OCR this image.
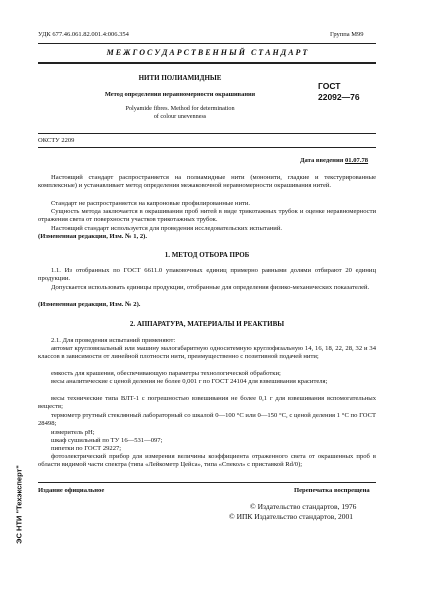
УДК 677.46.061.82.001.4:006.354	Группа М99
М Е Ж Г О С У Д А Р С Т В Е Н Н Ы Й   С Т А Н Д А Р Т
НИТИ ПОЛИАМИДНЫЕ
Метод определения неравномерности окрашивания
Polyamide fibres. Method for determination
of colour unevenness
ГОСТ
22092—76
ОКСТУ 2209
Дата введения 01.07.78
Настоящий стандарт распространяется на полиамидные нити (мононити, гладкие и текстурированные комплексные) и устанавливает метод определения межаковочной неравномерности окрашивания нитей.
Стандарт не распространяется на капроновые профилированные нити.
Сущность метода заключается в окрашивании проб нитей в виде трикотажных трубок и оценке неравномерности отражения света от поверхности участков трикотажных трубок.
Настоящий стандарт используется для проведения исследовательских испытаний.
(Измененная редакция, Изм. № 1, 2).
1. МЕТОД ОТБОРА ПРОБ
1.1. Из отобранных по ГОСТ 6611.0 упаковочных единиц примерно равными долями отбирают 20 единиц продукции.
Допускается использовать единицы продукции, отобранные для определения физико-механических показателей.
(Измененная редакция, Изм. № 2).
2. АППАРАТУРА, МАТЕРИАЛЫ И РЕАКТИВЫ
2.1. Для проведения испытаний применяют:
автомат кругловязальный или машину малогабаритную односитемную круглофязальную 14, 16, 18, 22, 28, 32 и 34 классов в зависимости от линейной плотности нити, преимущественно с позитивной подачей нити;
емкость для крашения, обеспечивающую параметры технологической обработки;
весы аналитические с ценой деления не более 0,001 г по ГОСТ 24104 для взвешивания красителя;
весы технические типа ВЛТ-1 с погрешностью взвешивания не более 0,1 г для взвешивания вспомогательных веществ;
термометр ртутный стеклянный лабораторный со шкалой 0—100 °С или 0—150 °С, с ценой деления 1 °С по ГОСТ 28498;
измеритель рН;
шкаф сушильный по ТУ 16—531—097;
пипетки по ГОСТ 29227;
фотоэлектрический прибор для измерения величины коэффициента отраженного света от окрашенных проб в области видимой части спектра (типа «Лейкометр Цейса», типа «Спекол» с приставкой Rd/0);
Издание официальное	Перепечатка воспрещена
© Издательство стандартов, 1976
© ИПК Издательство стандартов, 2001
ЭС НТИ "Техэксперт"
